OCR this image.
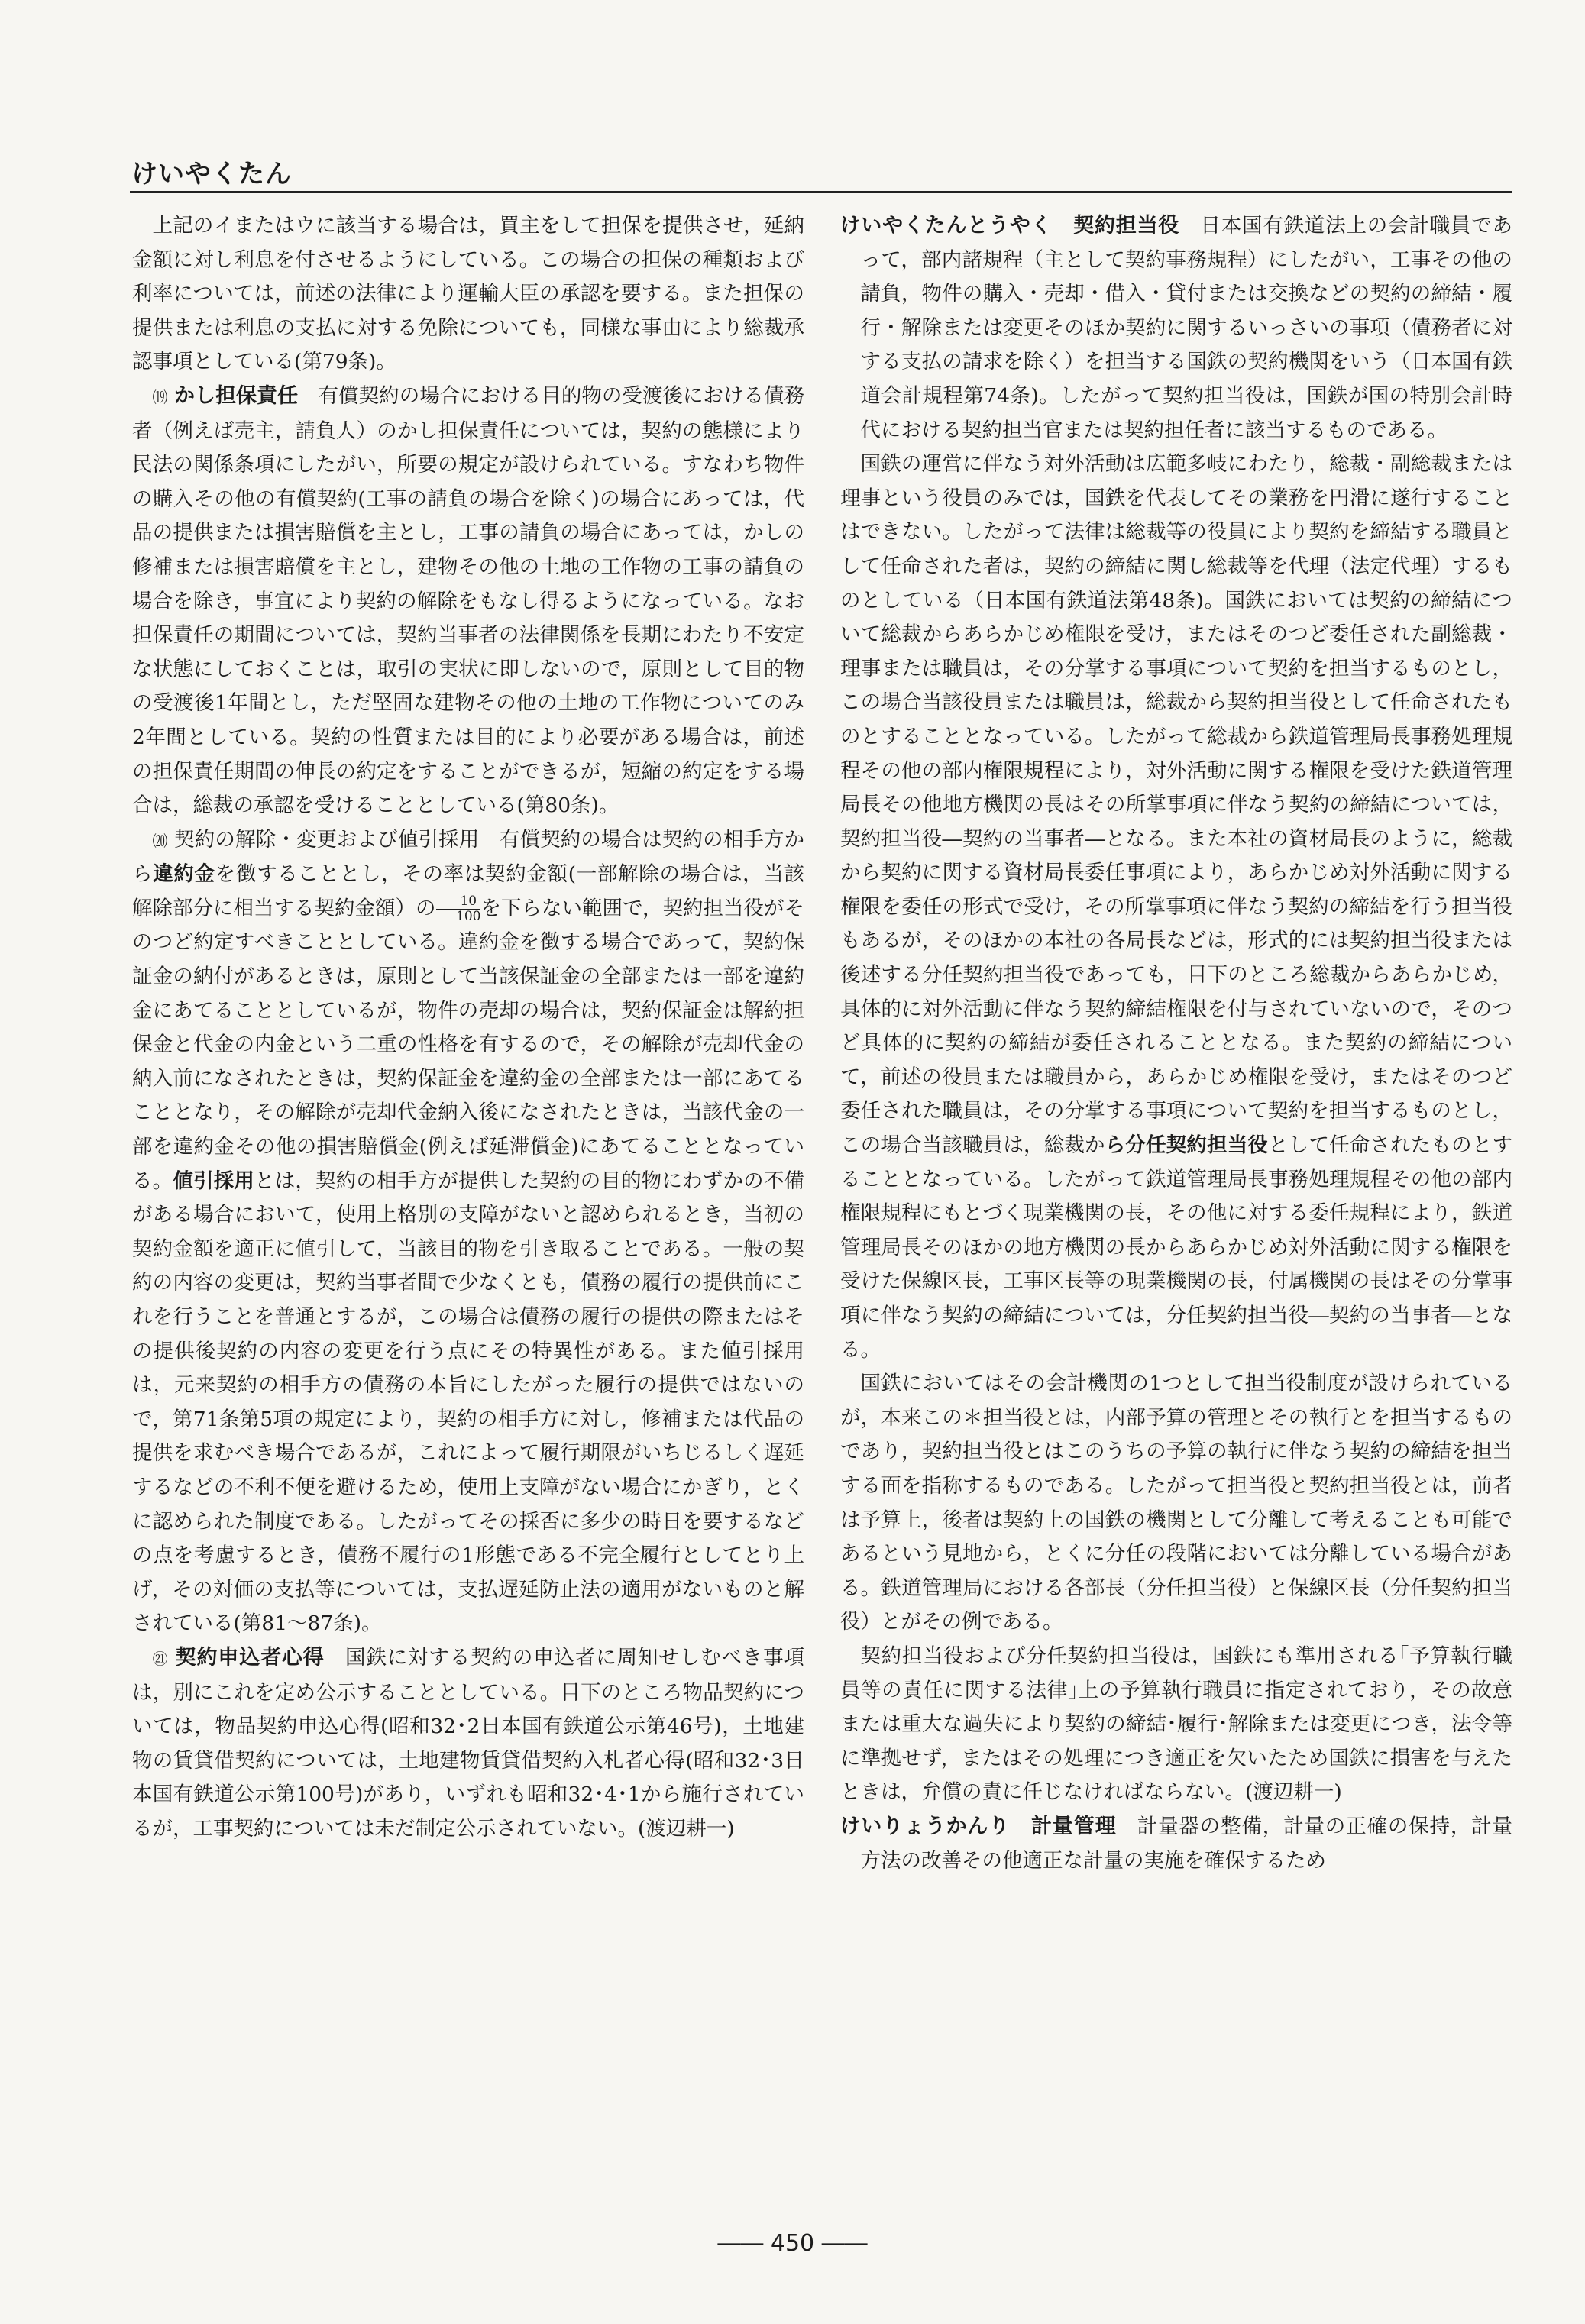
けいやくたん

上記のイまたはウに該当する場合は，買主をして担保を提供させ，延納金額に対し利息を付させるようにしている。この場合の担保の種類および利率については，前述の法律により運輸大臣の承認を要する。また担保の提供または利息の支払に対する免除についても，同様な事由により総裁承認事項としている(第79条)。

⒆ かし担保責任　 有償契約の場合における目的物の受渡後における債務者（例えば売主，請負人）のかし担保責任については，契約の態様により民法の関係条項にしたがい，所要の規定が設けられている。すなわち物件の購入その他の有償契約(工事の請負の場合を除く)の場合にあっては，代品の提供または損害賠償を主とし，工事の請負の場合にあっては，かしの修補または損害賠償を主とし，建物その他の土地の工作物の工事の請負の場合を除き，事宜により契約の解除をもなし得るようになっている。なお担保責任の期間については，契約当事者の法律関係を長期にわたり不安定な状態にしておくことは，取引の実状に即しないので，原則として目的物の受渡後1年間とし，ただ堅固な建物その他の土地の工作物についてのみ2年間としている。契約の性質または目的により必要がある場合は，前述の担保責任期間の伸長の約定をすることができるが，短縮の約定をする場合は，総裁の承認を受けることとしている(第80条)。

⒇ 契約の解除・変更および値引採用　 有償契約の場合は契約の相手方から違約金を徴することとし，その率は契約金額(一部解除の場合は，当該解除部分に相当する契約金額）の $\frac{10}{100}$ を下らない範囲で，契約担当役がそのつど約定すべきこととしている。違約金を徴する場合であって，契約保証金の納付があるときは，原則として当該保証金の全部または一部を違約金にあてることとしているが，物件の売却の場合は，契約保証金は解約担保金と代金の内金という二重の性格を有するので，その解除が売却代金の納入前になされたときは，契約保証金を違約金の全部または一部にあてることとなり，その解除が売却代金納入後になされたときは，当該代金の一部を違約金その他の損害賠償金(例えば延滞償金)にあてることとなっている。値引採用とは，契約の相手方が提供した契約の目的物にわずかの不備がある場合において，使用上格別の支障がないと認められるとき，当初の契約金額を適正に値引して，当該目的物を引き取ることである。一般の契約の内容の変更は，契約当事者間で少なくとも，債務の履行の提供前にこれを行うことを普通とするが，この場合は債務の履行の提供の際またはその提供後契約の内容の変更を行う点にその特異性がある。また値引採用は，元来契約の相手方の債務の本旨にしたがった履行の提供ではないので，第71条第5項の規定により，契約の相手方に対し，修補または代品の提供を求むべき場合であるが，これによって履行期限がいちじるしく遅延するなどの不利不便を避けるため，使用上支障がない場合にかぎり，とくに認められた制度である。したがってその採否に多少の時日を要するなどの点を考慮するとき，債務不履行の1形態である不完全履行としてとり上げ，その対価の支払等については，支払遅延防止法の適用がないものと解されている(第81～87条)。

㉑ 契約申込者心得　 国鉄に対する契約の申込者に周知せしむべき事項は，別にこれを定め公示することとしている。目下のところ物品契約については，物品契約申込心得(昭和32･2日本国有鉄道公示第46号)，土地建物の賃貸借契約については，土地建物賃貸借契約入札者心得(昭和32･3日本国有鉄道公示第100号)があり，いずれも昭和32･4･1から施行されているが，工事契約については未だ制定公示されていない。(渡辺耕一)

けいやくたんとうやく　契約担当役　 日本国有鉄道法上の会計職員であって，部内諸規程（主として契約事務規程）にしたがい，工事その他の請負，物件の購入・売却・借入・貸付または交換などの契約の締結・履行・解除または変更そのほか契約に関するいっさいの事項（債務者に対する支払の請求を除く）を担当する国鉄の契約機関をいう（日本国有鉄道会計規程第74条)。したがって契約担当役は，国鉄が国の特別会計時代における契約担当官または契約担任者に該当するものである。

国鉄の運営に伴なう対外活動は広範多岐にわたり，総裁・副総裁または理事という役員のみでは，国鉄を代表してその業務を円滑に遂行することはできない。したがって法律は総裁等の役員により契約を締結する職員として任命された者は，契約の締結に関し総裁等を代理（法定代理）するものとしている（日本国有鉄道法第48条)。国鉄においては契約の締結について総裁からあらかじめ権限を受け，またはそのつど委任された副総裁・理事または職員は，その分掌する事項について契約を担当するものとし，この場合当該役員または職員は，総裁から契約担当役として任命されたものとすることとなっている。したがって総裁から鉄道管理局長事務処理規程その他の部内権限規程により，対外活動に関する権限を受けた鉄道管理局長その他地方機関の長はその所掌事項に伴なう契約の締結については，契約担当役―契約の当事者―となる。また本社の資材局長のように，総裁から契約に関する資材局長委任事項により，あらかじめ対外活動に関する権限を委任の形式で受け，その所掌事項に伴なう契約の締結を行う担当役もあるが，そのほかの本社の各局長などは，形式的には契約担当役または後述する分任契約担当役であっても，目下のところ総裁からあらかじめ，具体的に対外活動に伴なう契約締結権限を付与されていないので，そのつど具体的に契約の締結が委任されることとなる。また契約の締結について，前述の役員または職員から，あらかじめ権限を受け，またはそのつど委任された職員は，その分掌する事項について契約を担当するものとし，この場合当該職員は，総裁から分任契約担当役として任命されたものとすることとなっている。したがって鉄道管理局長事務処理規程その他の部内権限規程にもとづく現業機関の長，その他に対する委任規程により，鉄道管理局長そのほかの地方機関の長からあらかじめ対外活動に関する権限を受けた保線区長，工事区長等の現業機関の長，付属機関の長はその分掌事項に伴なう契約の締結については，分任契約担当役―契約の当事者―となる。

国鉄においてはその会計機関の1つとして担当役制度が設けられているが，本来この＊担当役とは，内部予算の管理とその執行とを担当するものであり，契約担当役とはこのうちの予算の執行に伴なう契約の締結を担当する面を指称するものである。したがって担当役と契約担当役とは，前者は予算上，後者は契約上の国鉄の機関として分離して考えることも可能であるという見地から，とくに分任の段階においては分離している場合がある。鉄道管理局における各部長（分任担当役）と保線区長（分任契約担当役）とがその例である。

契約担当役および分任契約担当役は，国鉄にも準用される｢予算執行職員等の責任に関する法律｣上の予算執行職員に指定されており，その故意または重大な過失により契約の締結･履行･解除または変更につき，法令等に準拠せず，またはその処理につき適正を欠いたため国鉄に損害を与えたときは，弁償の責に任じなければならない。(渡辺耕一)

けいりょうかんり　計量管理　 計量器の整備，計量の正確の保持，計量方法の改善その他適正な計量の実施を確保するため

―― 450 ――
